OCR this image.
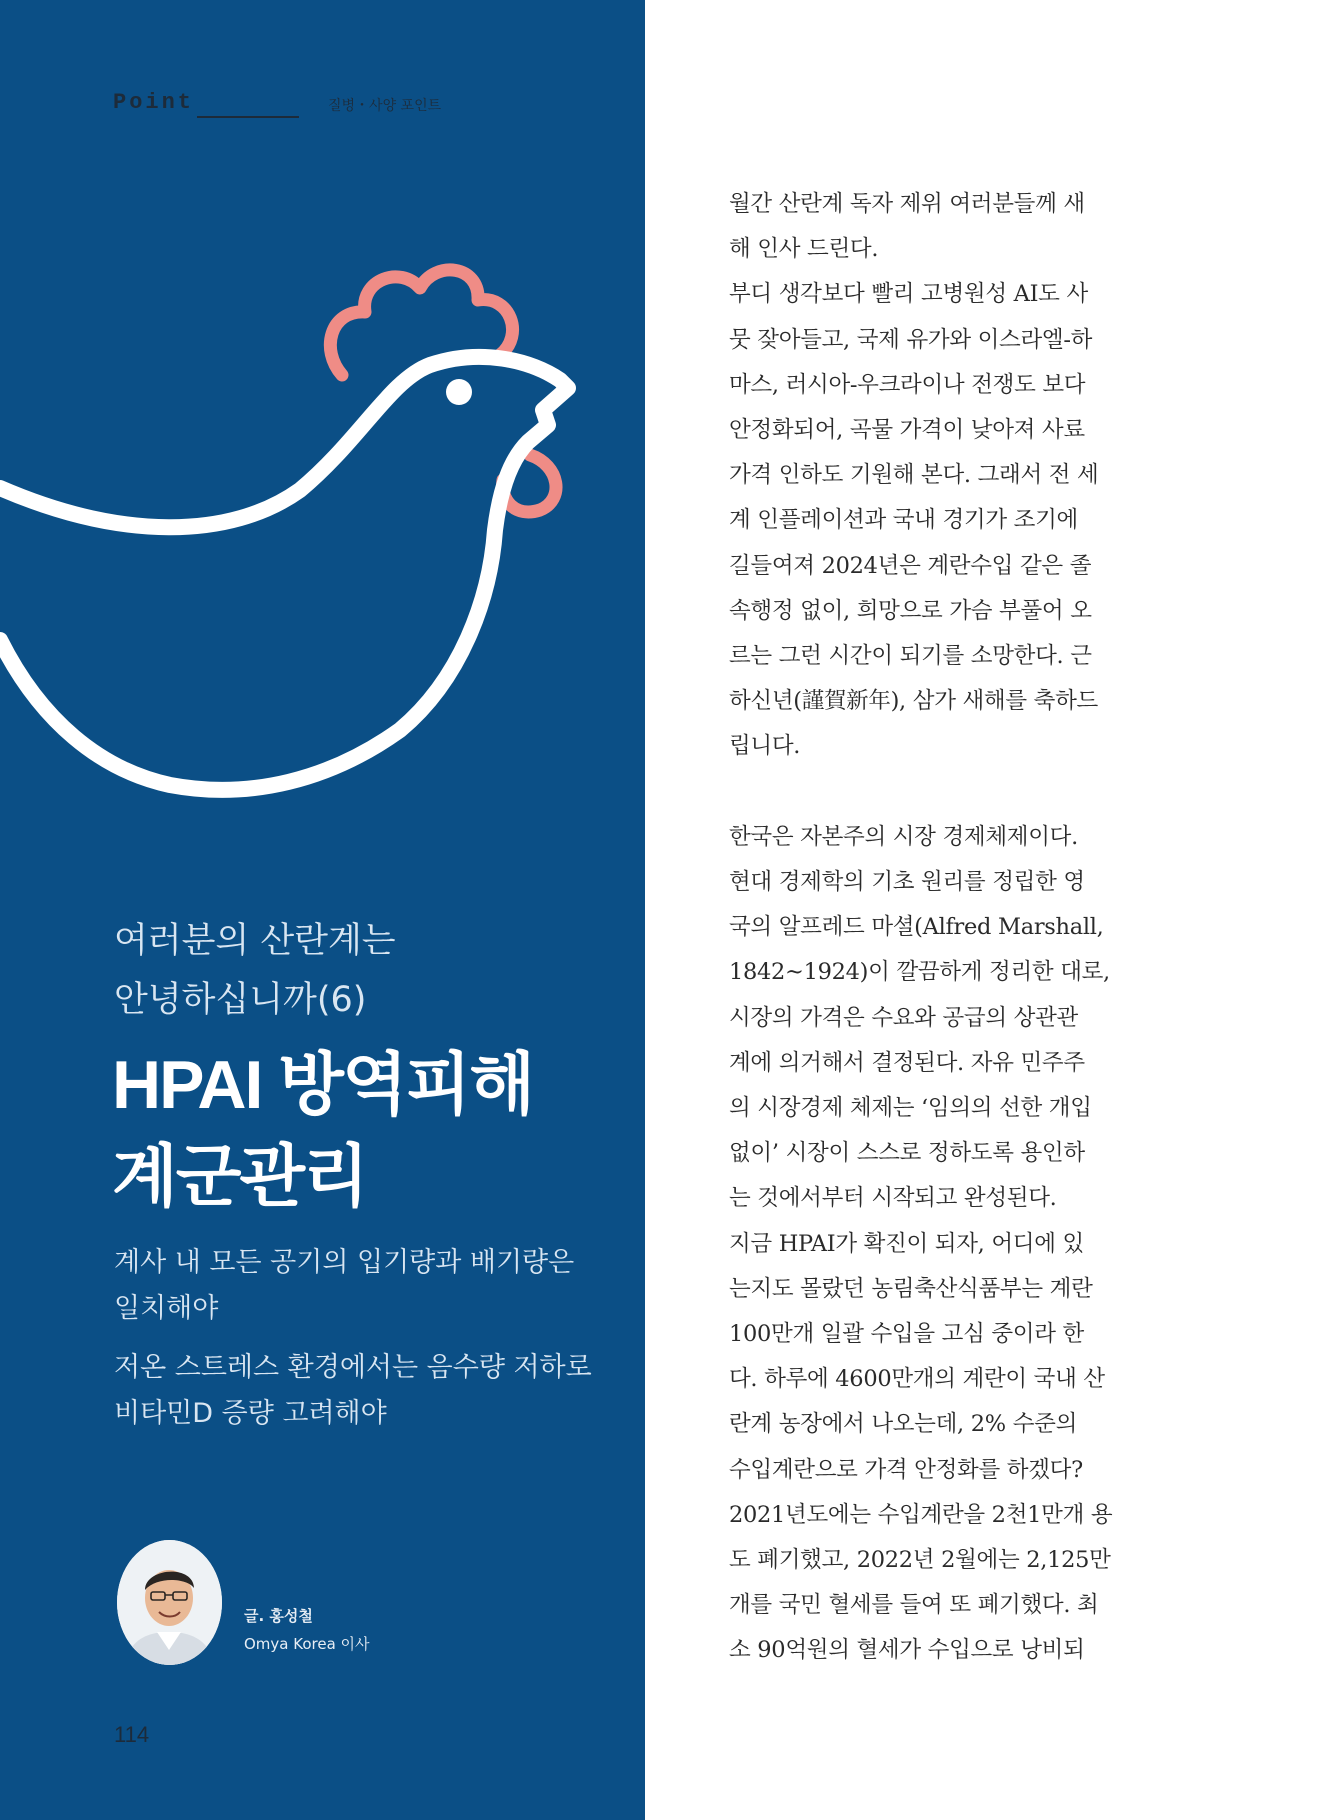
Point	질병・사양 포인트
여러분의 산란계는
안녕하십니까(6)
HPAI 방역피해
계군관리
계사 내 모든 공기의 입기량과 배기량은
일치해야
저온 스트레스 환경에서는 음수량 저하로
비타민D 증량 고려해야
글. 홍성철
Omya Korea 이사
114
월간 산란계 독자 제위 여러분들께 새
해 인사 드린다.
부디 생각보다 빨리 고병원성 AI도 사
뭇 잦아들고, 국제 유가와 이스라엘-하
마스, 러시아-우크라이나 전쟁도 보다
안정화되어, 곡물 가격이 낮아져 사료
가격 인하도 기원해 본다. 그래서 전 세
계 인플레이션과 국내 경기가 조기에
길들여져 2024년은 계란수입 같은 졸
속행정 없이, 희망으로 가슴 부풀어 오
르는 그런 시간이 되기를 소망한다. 근
하신년(謹賀新年), 삼가 새해를 축하드
립니다.
한국은 자본주의 시장 경제체제이다.
현대 경제학의 기초 원리를 정립한 영
국의 알프레드 마셜(Alfred Marshall,
1842~1924)이 깔끔하게 정리한 대로,
시장의 가격은 수요와 공급의 상관관
계에 의거해서 결정된다. 자유 민주주
의 시장경제 체제는 ‘임의의 선한 개입
없이’ 시장이 스스로 정하도록 용인하
는 것에서부터 시작되고 완성된다.
지금 HPAI가 확진이 되자, 어디에 있
는지도 몰랐던 농림축산식품부는 계란
100만개 일괄 수입을 고심 중이라 한
다. 하루에 4600만개의 계란이 국내 산
란계 농장에서 나오는데, 2% 수준의
수입계란으로 가격 안정화를 하겠다?
2021년도에는 수입계란을 2천1만개 용
도 폐기했고, 2022년 2월에는 2,125만
개를 국민 혈세를 들여 또 폐기했다. 최
소 90억원의 혈세가 수입으로 낭비되
